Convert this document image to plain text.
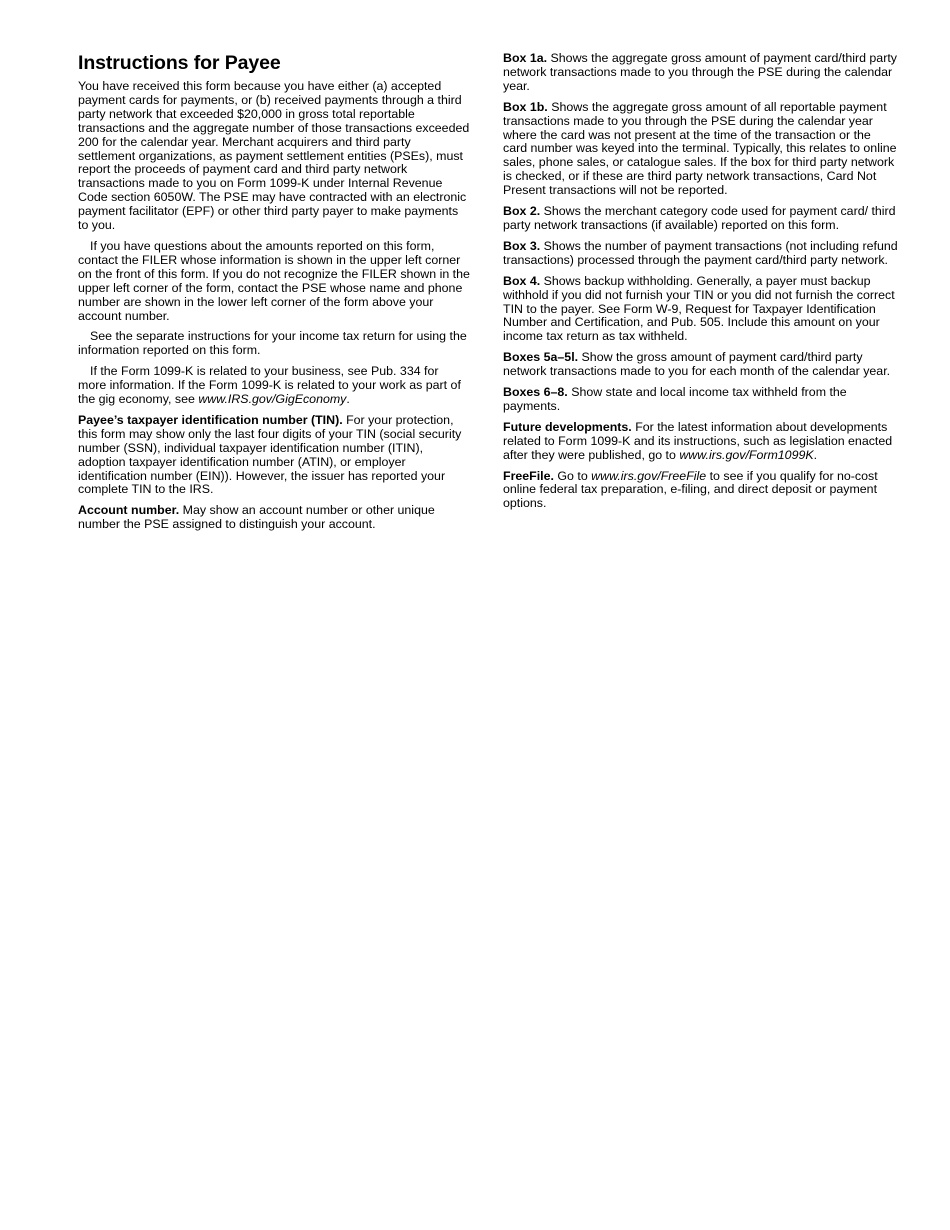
Instructions for Payee

You have received this form because you have either (a) accepted payment cards for payments, or (b) received payments through a third party network that exceeded $20,000 in gross total reportable transactions and the aggregate number of those transactions exceeded 200 for the calendar year. Merchant acquirers and third party settlement organizations, as payment settlement entities (PSEs), must report the proceeds of payment card and third party network transactions made to you on Form 1099-K under Internal Revenue Code section 6050W. The PSE may have contracted with an electronic payment facilitator (EPF) or other third party payer to make payments to you.

If you have questions about the amounts reported on this form, contact the FILER whose information is shown in the upper left corner on the front of this form. If you do not recognize the FILER shown in the upper left corner of the form, contact the PSE whose name and phone number are shown in the lower left corner of the form above your account number.

See the separate instructions for your income tax return for using the information reported on this form.

If the Form 1099-K is related to your business, see Pub. 334 for more information. If the Form 1099-K is related to your work as part of the gig economy, see www.IRS.gov/GigEconomy.

Payee’s taxpayer identification number (TIN). For your protection, this form may show only the last four digits of your TIN (social security number (SSN), individual taxpayer identification number (ITIN), adoption taxpayer identification number (ATIN), or employer identification number (EIN)). However, the issuer has reported your complete TIN to the IRS.

Account number. May show an account number or other unique number the PSE assigned to distinguish your account.

Box 1a. Shows the aggregate gross amount of payment card/third party network transactions made to you through the PSE during the calendar year.

Box 1b. Shows the aggregate gross amount of all reportable payment transactions made to you through the PSE during the calendar year where the card was not present at the time of the transaction or the card number was keyed into the terminal. Typically, this relates to online sales, phone sales, or catalogue sales. If the box for third party network is checked, or if these are third party network transactions, Card Not Present transactions will not be reported.

Box 2. Shows the merchant category code used for payment card/ third party network transactions (if available) reported on this form.

Box 3. Shows the number of payment transactions (not including refund transactions) processed through the payment card/third party network.

Box 4. Shows backup withholding. Generally, a payer must backup withhold if you did not furnish your TIN or you did not furnish the correct TIN to the payer. See Form W-9, Request for Taxpayer Identification Number and Certification, and Pub. 505. Include this amount on your income tax return as tax withheld.

Boxes 5a–5l. Show the gross amount of payment card/third party network transactions made to you for each month of the calendar year.

Boxes 6–8. Show state and local income tax withheld from the payments.

Future developments. For the latest information about developments related to Form 1099-K and its instructions, such as legislation enacted after they were published, go to www.irs.gov/Form1099K.

FreeFile. Go to www.irs.gov/FreeFile to see if you qualify for no-cost online federal tax preparation, e-filing, and direct deposit or payment options.
